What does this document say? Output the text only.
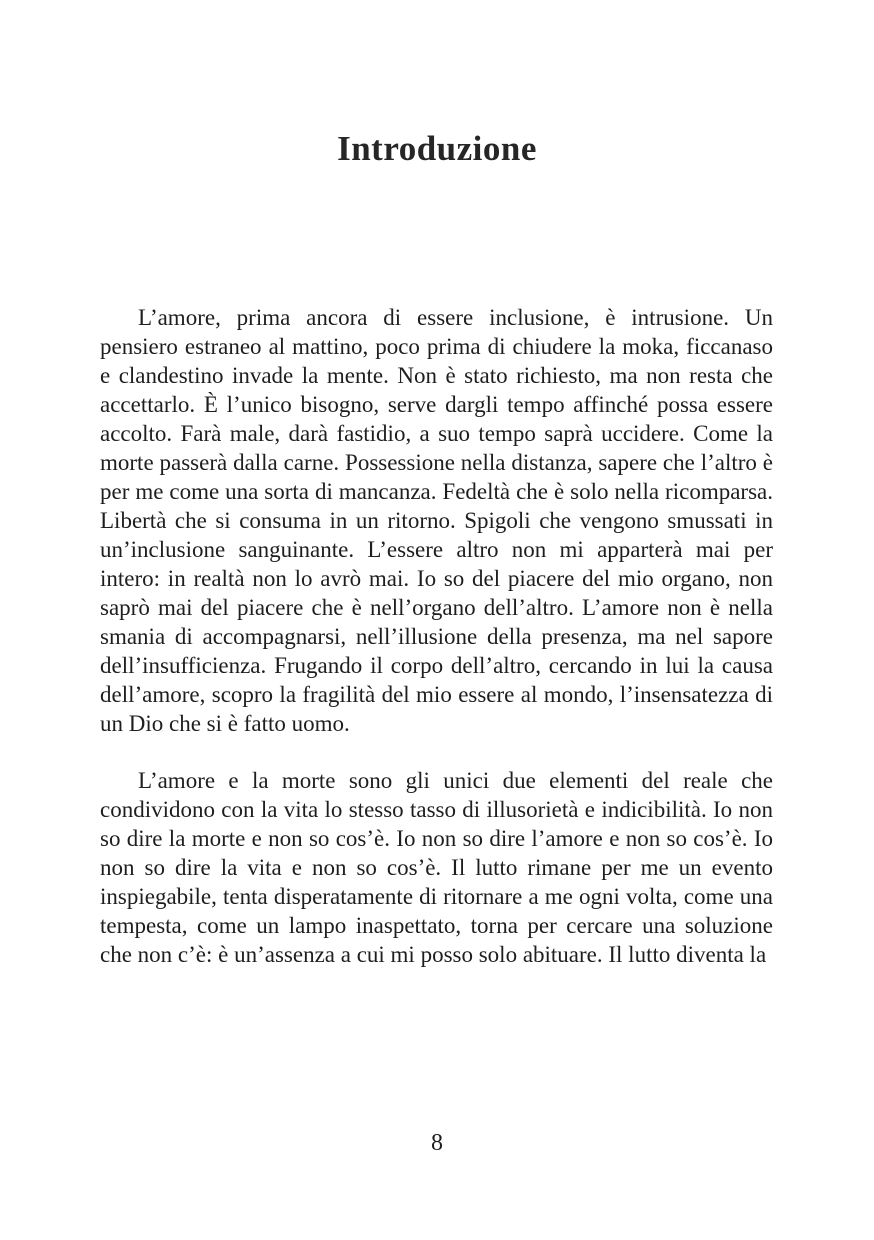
Introduzione

L’amore, prima ancora di essere inclusione, è intrusione. Un pensiero estraneo al mattino, poco prima di chiudere la moka, ficcanaso e clandestino invade la mente. Non è stato richiesto, ma non resta che accettarlo. È l’unico bisogno, serve dargli tempo affinché possa essere accolto. Farà male, darà fastidio, a suo tempo saprà uccidere. Come la morte passerà dalla carne. Possessione nella distanza, sapere che l’altro è per me come una sorta di mancanza. Fedeltà che è solo nella ricomparsa. Libertà che si consuma in un ritorno. Spigoli che vengono smussati in un’inclusione sanguinante. L’essere altro non mi apparterà mai per intero: in realtà non lo avrò mai. Io so del piacere del mio organo, non saprò mai del piacere che è nell’organo dell’altro. L’amore non è nella smania di accompagnarsi, nell’illusione della presenza, ma nel sapore dell’insufficienza. Frugando il corpo dell’altro, cercando in lui la causa dell’amore, scopro la fragilità del mio essere al mondo, l’insensatezza di un Dio che si è fatto uomo.

L’amore e la morte sono gli unici due elementi del reale che condividono con la vita lo stesso tasso di illusorietà e indicibilità. Io non so dire la morte e non so cos’è. Io non so dire l’amore e non so cos’è. Io non so dire la vita e non so cos’è. Il lutto rimane per me un evento inspiegabile, tenta disperatamente di ritornare a me ogni volta, come una tempesta, come un lampo inaspettato, torna per cercare una soluzione che non c’è: è un’assenza a cui mi posso solo abituare. Il lutto diventa la

8
